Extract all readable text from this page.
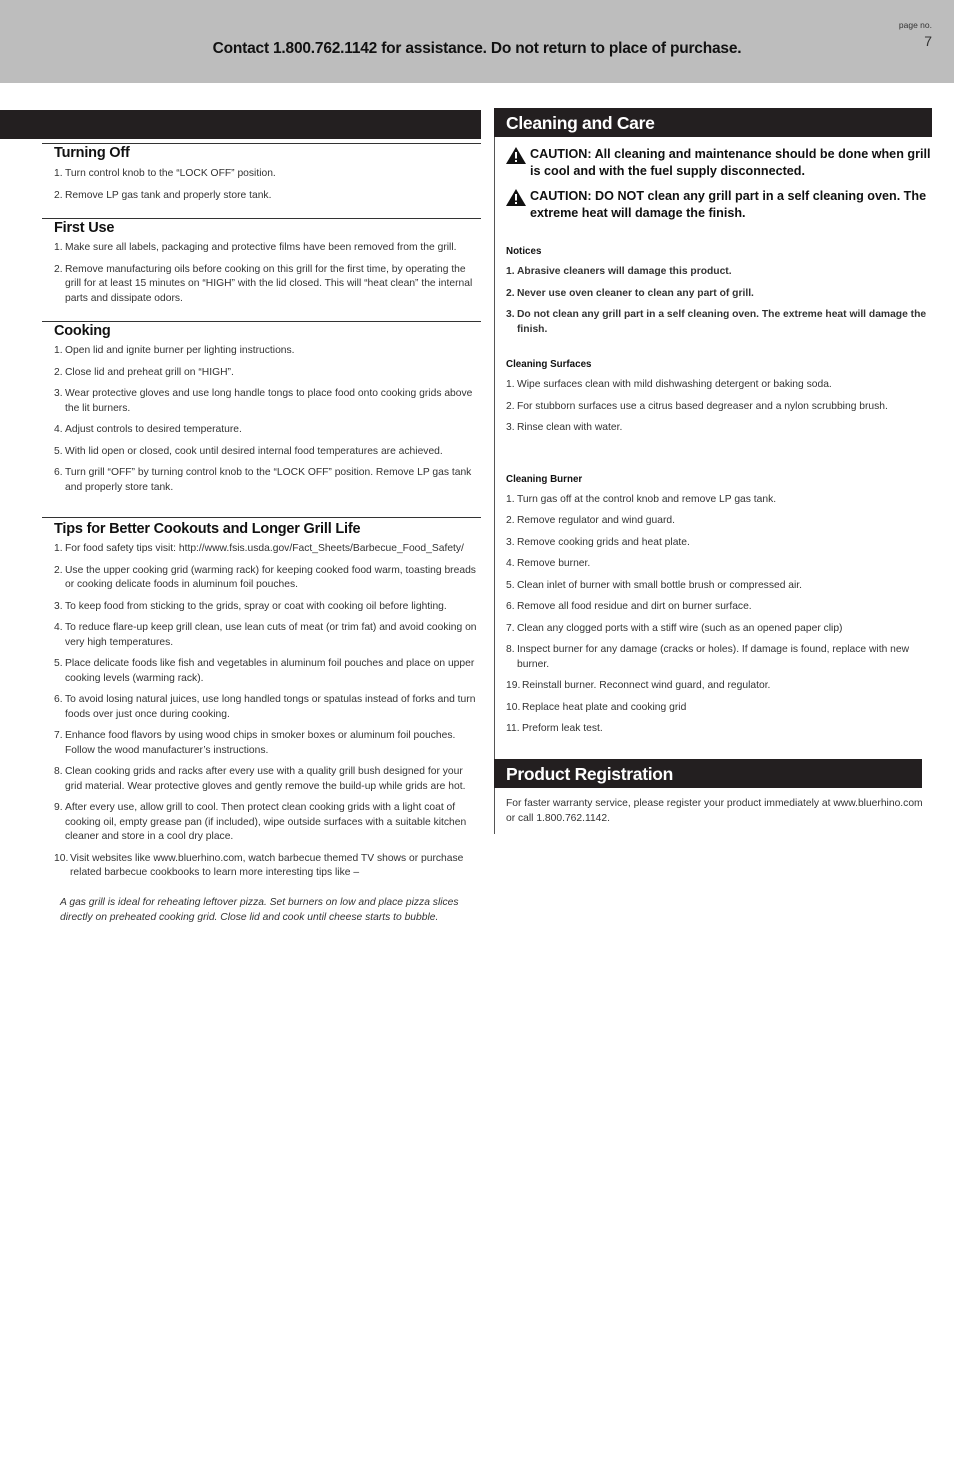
Contact 1.800.762.1142 for assistance. Do not return to place of purchase.
page no.
7
Turning Off
1. Turn control knob to the “LOCK OFF” position.
2. Remove LP gas tank and properly store tank.
First Use
1. Make sure all labels, packaging and protective films have been removed from the grill.
2. Remove manufacturing oils before cooking on this grill for the first time, by operating the grill for at least 15 minutes on “HIGH” with the lid closed. This will “heat clean” the internal parts and dissipate odors.
Cooking
1. Open lid and ignite burner per lighting instructions.
2. Close lid and preheat grill on “HIGH”.
3. Wear protective gloves and use long handle tongs to place food onto cooking grids above the lit burners.
4. Adjust controls to desired temperature.
5. With lid open or closed, cook until desired internal food temperatures are achieved.
6. Turn grill “OFF” by turning control knob to the “LOCK OFF” position. Remove LP gas tank and properly store tank.
Tips for Better Cookouts and Longer Grill Life
1. For food safety tips visit: http://www.fsis.usda.gov/Fact_Sheets/Barbecue_Food_Safety/
2. Use the upper cooking grid (warming rack) for keeping cooked food warm, toasting breads or cooking delicate foods in aluminum foil pouches.
3. To keep food from sticking to the grids, spray or coat with cooking oil before lighting.
4. To reduce flare-up keep grill clean, use lean cuts of meat (or trim fat) and avoid cooking on very high temperatures.
5. Place delicate foods like fish and vegetables in aluminum foil pouches and place on upper cooking levels (warming rack).
6. To avoid losing natural juices, use long handled tongs or spatulas instead of forks and turn foods over just once during cooking.
7. Enhance food flavors by using wood chips in smoker boxes or aluminum foil pouches. Follow the wood manufacturer’s instructions.
8. Clean cooking grids and racks after every use with a quality grill bush designed for your grid material. Wear protective gloves and gently remove the build-up while grids are hot.
9. After every use, allow grill to cool. Then protect clean cooking grids with a light coat of cooking oil, empty grease pan (if included), wipe outside surfaces with a suitable kitchen cleaner and store in a cool dry place.
10. Visit websites like www.bluerhino.com, watch barbecue themed TV shows or purchase related barbecue cookbooks to learn more interesting tips like –
A gas grill is ideal for reheating leftover pizza. Set burners on low and place pizza slices directly on preheated cooking grid. Close lid and cook until cheese starts to bubble.
Cleaning and Care
CAUTION: All cleaning and maintenance should be done when grill is cool and with the fuel supply disconnected.
CAUTION: DO NOT clean any grill part in a self cleaning oven. The extreme heat will damage the finish.

Notices

1. Abrasive cleaners will damage this product.
2. Never use oven cleaner to clean any part of grill.
3. Do not clean any grill part in a self cleaning oven. The extreme heat will damage the finish.

Cleaning Surfaces

1. Wipe surfaces clean with mild dishwashing detergent or baking soda.
2. For stubborn surfaces use a citrus based degreaser and a nylon scrubbing brush.
3. Rinse clean with water.

Cleaning Burner

1. Turn gas off at the control knob and remove LP gas tank.
2. Remove regulator and wind guard.
3. Remove cooking grids and heat plate.
4. Remove burner.
5. Clean inlet of burner with small bottle brush or compressed air.
6. Remove all food residue and dirt on burner surface.
7. Clean any clogged ports with a stiff wire (such as an opened paper clip)
8. Inspect burner for any damage (cracks or holes). If damage is found, replace with new burner.
19. Reinstall burner. Reconnect wind guard, and regulator.
10. Replace heat plate and cooking grid
11. Preform leak test.
Product Registration

For faster warranty service, please register your product immediately at www.bluerhino.com or call 1.800.762.1142.
